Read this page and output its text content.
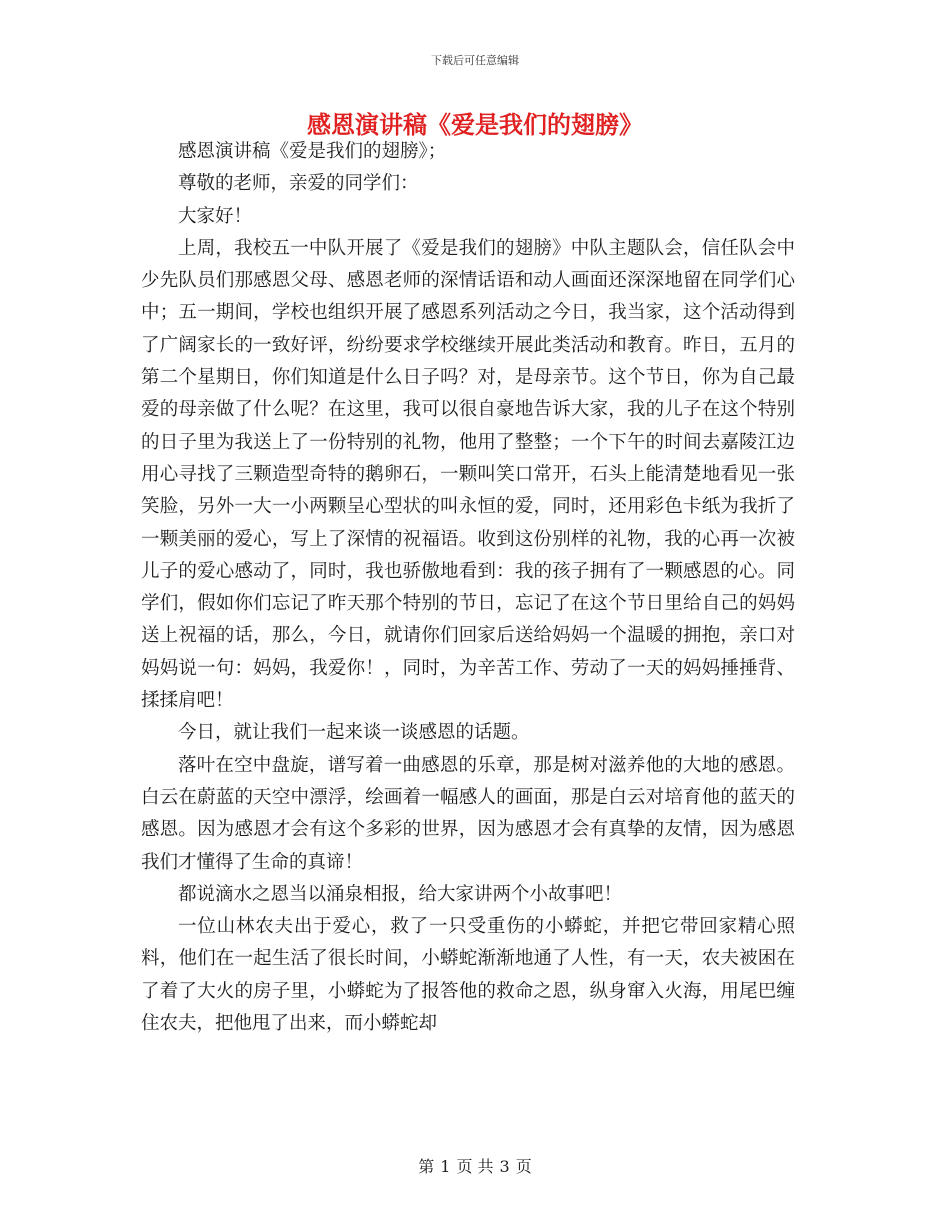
下载后可任意编辑
感恩演讲稿《爱是我们的翅膀》

感恩演讲稿《爱是我们的翅膀》；

尊敬的老师，亲爱的同学们：

大家好！

上周，我校五一中队开展了《爱是我们的翅膀》中队主题队会，信任队会中少先队员们那感恩父母、感恩老师的深情话语和动人画面还深深地留在同学们心中；五一期间，学校也组织开展了感恩系列活动之今日，我当家，这个活动得到了广阔家长的一致好评，纷纷要求学校继续开展此类活动和教育。昨日，五月的第二个星期日，你们知道是什么日子吗？对，是母亲节。这个节日，你为自己最爱的母亲做了什么呢？在这里，我可以很自豪地告诉大家，我的儿子在这个特别的日子里为我送上了一份特别的礼物，他用了整整；一个下午的时间去嘉陵江边用心寻找了三颗造型奇特的鹅卵石，一颗叫笑口常开，石头上能清楚地看见一张笑脸，另外一大一小两颗呈心型状的叫永恒的爱，同时，还用彩色卡纸为我折了一颗美丽的爱心，写上了深情的祝福语。收到这份别样的礼物，我的心再一次被儿子的爱心感动了，同时，我也骄傲地看到：我的孩子拥有了一颗感恩的心。同学们，假如你们忘记了昨天那个特别的节日，忘记了在这个节日里给自己的妈妈送上祝福的话，那么，今日，就请你们回家后送给妈妈一个温暖的拥抱，亲口对妈妈说一句：妈妈，我爱你！，同时，为辛苦工作、劳动了一天的妈妈捶捶背、揉揉肩吧！

今日，就让我们一起来谈一谈感恩的话题。

落叶在空中盘旋，谱写着一曲感恩的乐章，那是树对滋养他的大地的感恩。白云在蔚蓝的天空中漂浮，绘画着一幅感人的画面，那是白云对培育他的蓝天的感恩。因为感恩才会有这个多彩的世界，因为感恩才会有真挚的友情，因为感恩我们才懂得了生命的真谛！

都说滴水之恩当以涌泉相报，给大家讲两个小故事吧！

一位山林农夫出于爱心，救了一只受重伤的小蟒蛇，并把它带回家精心照料，他们在一起生活了很长时间，小蟒蛇渐渐地通了人性，有一天，农夫被困在了着了大火的房子里，小蟒蛇为了报答他的救命之恩，纵身窜入火海，用尾巴缠住农夫，把他甩了出来，而小蟒蛇却

第 1 页 共 3 页
